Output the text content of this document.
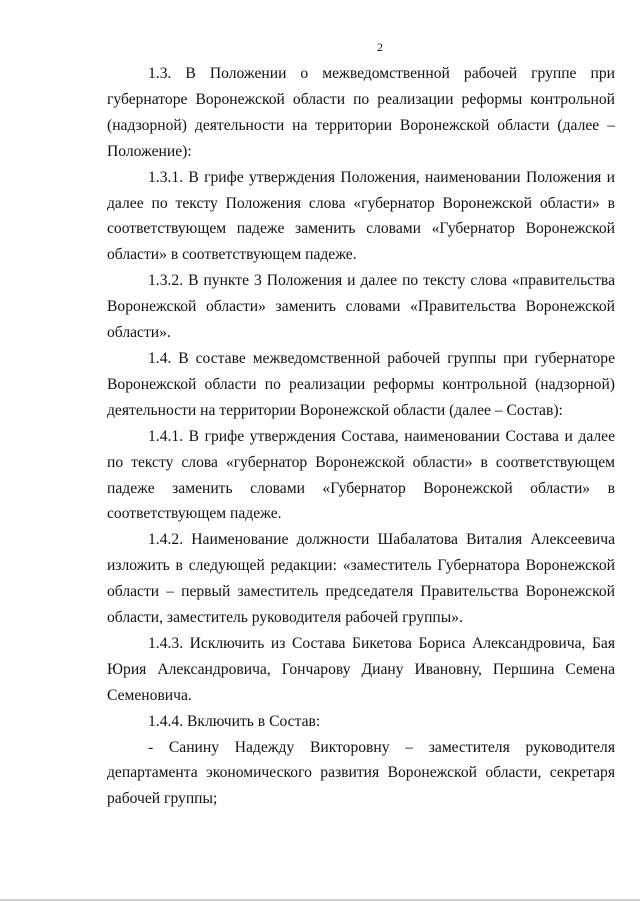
2

1.3. В Положении о межведомственной рабочей группе при губернаторе Воронежской области по реализации реформы контрольной (надзорной) деятельности на территории Воронежской области (далее – Положение):

1.3.1. В грифе утверждения Положения, наименовании Положения и далее по тексту Положения слова «губернатор Воронежской области» в соответствующем падеже заменить словами «Губернатор Воронежской области» в соответствующем падеже.

1.3.2. В пункте 3 Положения и далее по тексту слова «правительства Воронежской области» заменить словами «Правительства Воронежской области».

1.4. В составе межведомственной рабочей группы при губернаторе Воронежской области по реализации реформы контрольной (надзорной) деятельности на территории Воронежской области (далее – Состав):

1.4.1. В грифе утверждения Состава, наименовании Состава и далее по тексту слова «губернатор Воронежской области» в соответствующем падеже заменить словами «Губернатор Воронежской области» в соответствующем падеже.

1.4.2. Наименование должности Шабалатова Виталия Алексеевича изложить в следующей редакции: «заместитель Губернатора Воронежской области – первый заместитель председателя Правительства Воронежской области, заместитель руководителя рабочей группы».

1.4.3. Исключить из Состава Бикетова Бориса Александровича, Бая Юрия Александровича, Гончарову Диану Ивановну, Першина Семена Семеновича.

1.4.4. Включить в Состав:

- Санину Надежду Викторовну – заместителя руководителя департамента экономического развития Воронежской области, секретаря рабочей группы;
